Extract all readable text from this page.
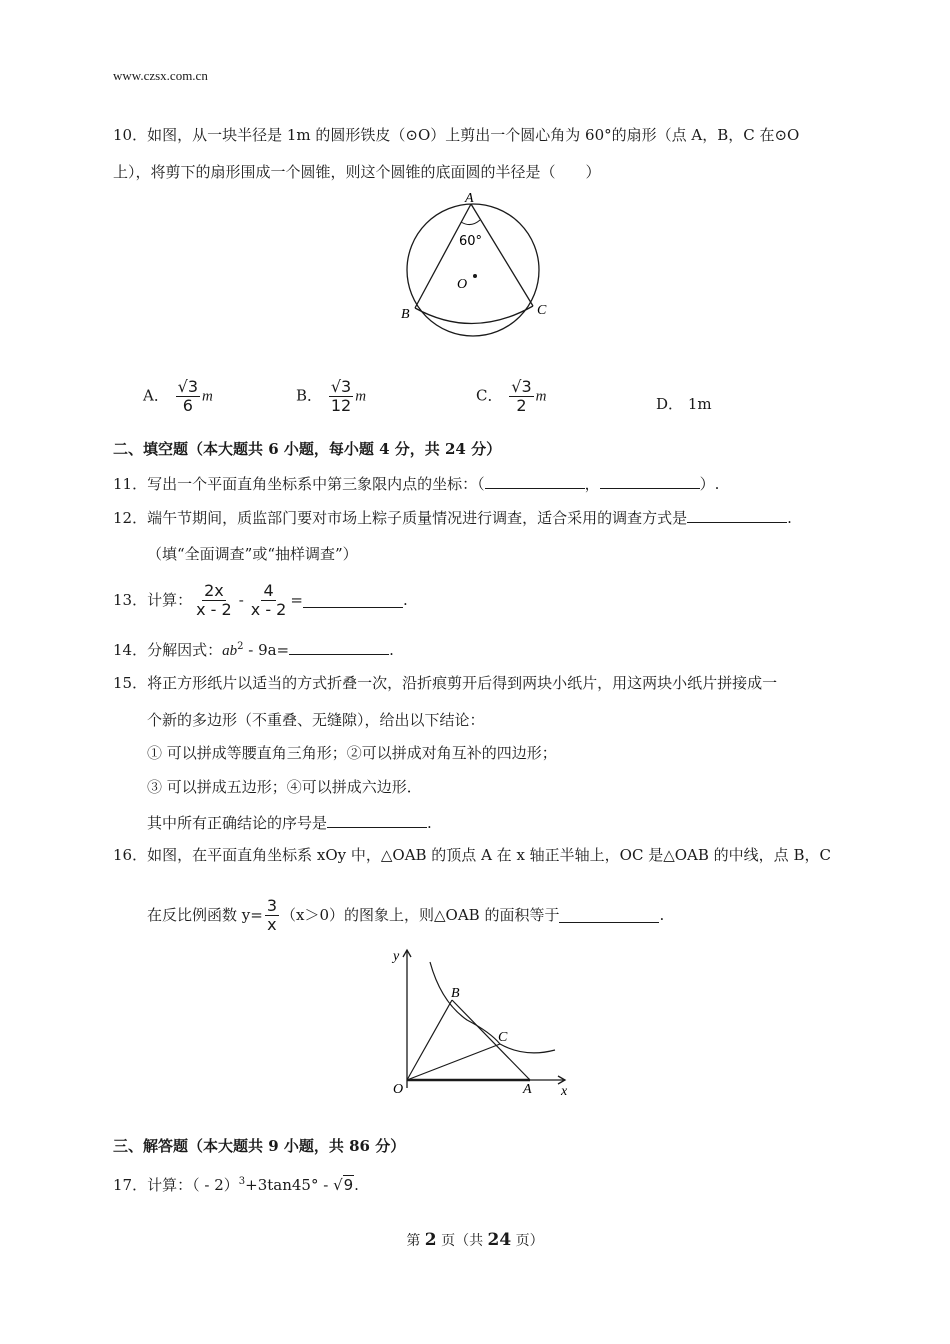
www.czsx.com.cn
10．如图，从一块半径是 1m 的圆形铁皮（⊙O）上剪出一个圆心角为 60°的扇形（点 A，B，C 在⊙O
上），将剪下的扇形围成一个圆锥，则这个圆锥的底面圆的半径是（　　）
A
B	C
O
60°
A． $\frac{√3}{6}$ m	B． $\frac{√3}{12}$ m	C． $\frac{√3}{2}$ m	D． 1m
二、填空题（本大题共 6 小题，每小题 4 分，共 24 分）
11．写出一个平面直角坐标系中第三象限内点的坐标：（	，	）.
12．端午节期间，质监部门要对市场上粽子质量情况进行调查，适合采用的调查方式是	.
（填“全面调查”或“抽样调查”）
13．计算： $\frac{2x}{x - 2} - \frac{4}{x - 2}$ =	.
14．分解因式：$ab^2 - 9a=$	.
15．将正方形纸片以适当的方式折叠一次，沿折痕剪开后得到两块小纸片，用这两块小纸片拼接成一
个新的多边形（不重叠、无缝隙），给出以下结论：
① 可以拼成等腰直角三角形；②可以拼成对角互补的四边形；
③ 可以拼成五边形；④可以拼成六边形．
其中所有正确结论的序号是	.
16．如图，在平面直角坐标系 xOy 中，△OAB 的顶点 A 在 x 轴正半轴上，OC 是△OAB 的中线，点 B，C
在反比例函数 $y= \frac{3}{x} (x>0)$的图象上，则△OAB 的面积等于	.
y
x
O	A
B
C
三、解答题（本大题共 9 小题，共 86 分）
17．计算：（ - 2）$^3$+3tan45° - √9.
第 2 页（共 24 页）
